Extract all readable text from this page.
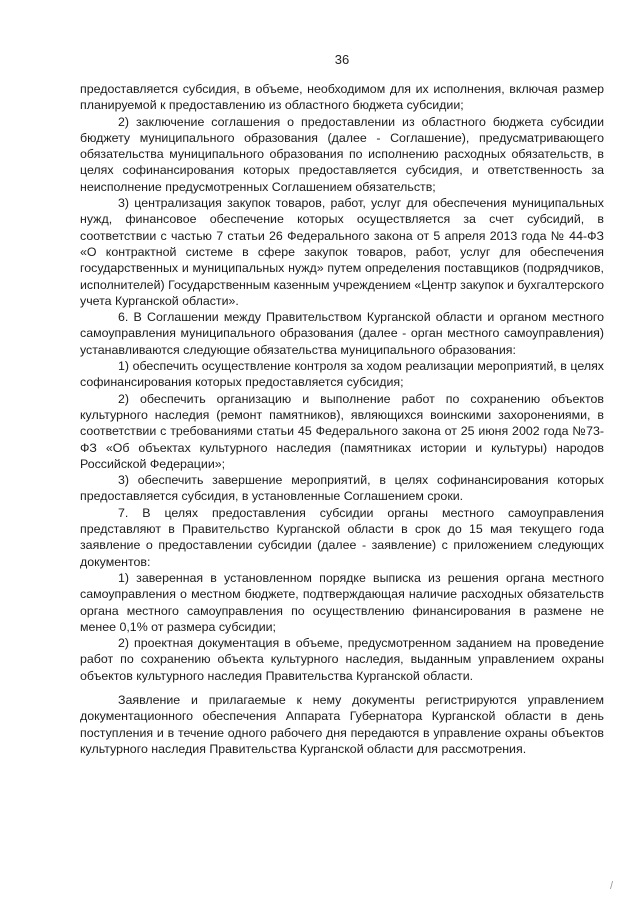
36

предоставляется субсидия, в объеме, необходимом для их исполнения, включая размер планируемой к предоставлению из областного бюджета субсидии;

2) заключение соглашения о предоставлении из областного бюджета субсидии бюджету муниципального образования (далее - Соглашение), предусматривающего обязательства муниципального образования по исполнению расходных обязательств, в целях софинансирования которых предоставляется субсидия, и ответственность за неисполнение предусмотренных Соглашением обязательств;

3) централизация закупок товаров, работ, услуг для обеспечения муниципальных нужд, финансовое обеспечение которых осуществляется за счет субсидий, в соответствии с частью 7 статьи 26 Федерального закона от 5 апреля 2013 года № 44-ФЗ «О контрактной системе в сфере закупок товаров, работ, услуг для обеспечения государственных и муниципальных нужд» путем определения поставщиков (подрядчиков, исполнителей) Государственным казенным учреждением «Центр закупок и бухгалтерского учета Курганской области».

6. В Соглашении между Правительством Курганской области и органом местного самоуправления муниципального образования (далее - орган местного самоуправления) устанавливаются следующие обязательства муниципального образования:

1) обеспечить осуществление контроля за ходом реализации мероприятий, в целях софинансирования которых предоставляется субсидия;

2) обеспечить организацию и выполнение работ по сохранению объектов культурного наследия (ремонт памятников), являющихся воинскими захоронениями, в соответствии с требованиями статьи 45 Федерального закона от 25 июня 2002 года №73-ФЗ «Об объектах культурного наследия (памятниках истории и культуры) народов Российской Федерации»;

3) обеспечить завершение мероприятий, в целях софинансирования которых предоставляется субсидия, в установленные Соглашением сроки.

7. В целях предоставления субсидии органы местного самоуправления представляют в Правительство Курганской области в срок до 15 мая текущего года заявление о предоставлении субсидии (далее - заявление) с приложением следующих документов:

1) заверенная в установленном порядке выписка из решения органа местного самоуправления о местном бюджете, подтверждающая наличие расходных обязательств органа местного самоуправления по осуществлению финансирования в размене не менее 0,1% от размера субсидии;

2) проектная документация в объеме, предусмотренном заданием на проведение работ по сохранению объекта культурного наследия, выданным управлением охраны объектов культурного наследия Правительства Курганской области.

Заявление и прилагаемые к нему документы регистрируются управлением документационного обеспечения Аппарата Губернатора Курганской области в день поступления и в течение одного рабочего дня передаются в управление охраны объектов культурного наследия Правительства Курганской области для рассмотрения.

/
